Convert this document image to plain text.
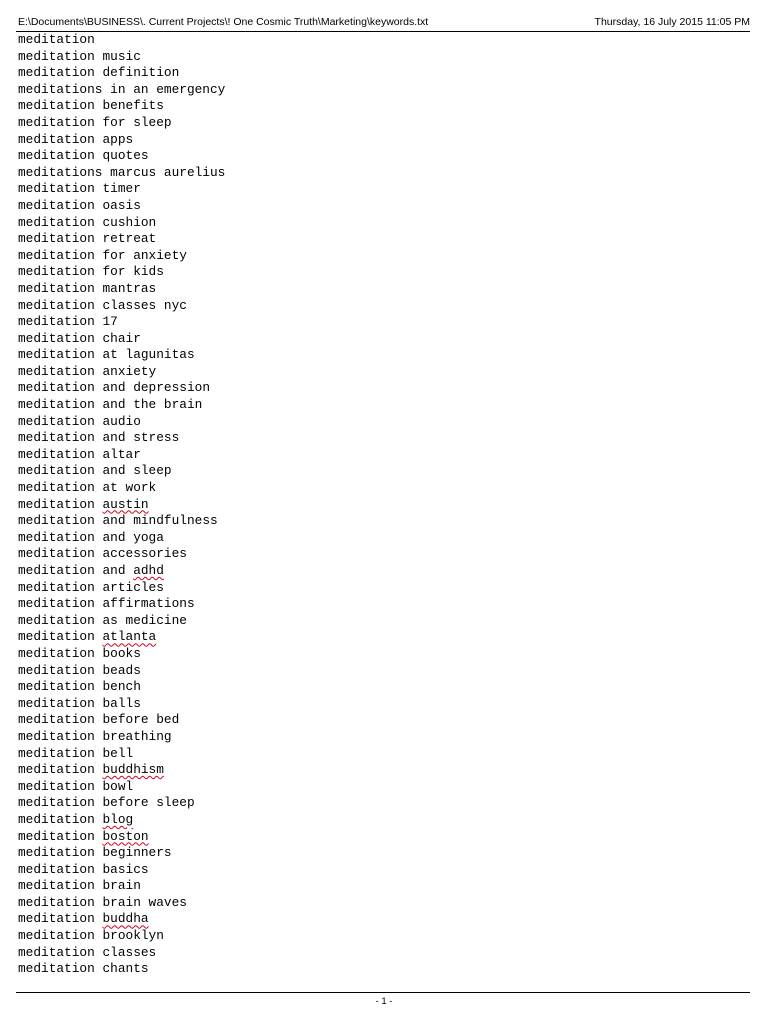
E:\Documents\BUSINESS\. Current Projects\! One Cosmic Truth\Marketing\keywords.txt	Thursday, 16 July 2015 11:05 PM
meditation
meditation music
meditation definition
meditations in an emergency
meditation benefits
meditation for sleep
meditation apps
meditation quotes
meditations marcus aurelius
meditation timer
meditation oasis
meditation cushion
meditation retreat
meditation for anxiety
meditation for kids
meditation mantras
meditation classes nyc
meditation 17
meditation chair
meditation at lagunitas
meditation anxiety
meditation and depression
meditation and the brain
meditation audio
meditation and stress
meditation altar
meditation and sleep
meditation at work
meditation austin
meditation and mindfulness
meditation and yoga
meditation accessories
meditation and adhd
meditation articles
meditation affirmations
meditation as medicine
meditation atlanta
meditation books
meditation beads
meditation bench
meditation balls
meditation before bed
meditation breathing
meditation bell
meditation buddhism
meditation bowl
meditation before sleep
meditation blog
meditation boston
meditation beginners
meditation basics
meditation brain
meditation brain waves
meditation buddha
meditation brooklyn
meditation classes
meditation chants
- 1 -
